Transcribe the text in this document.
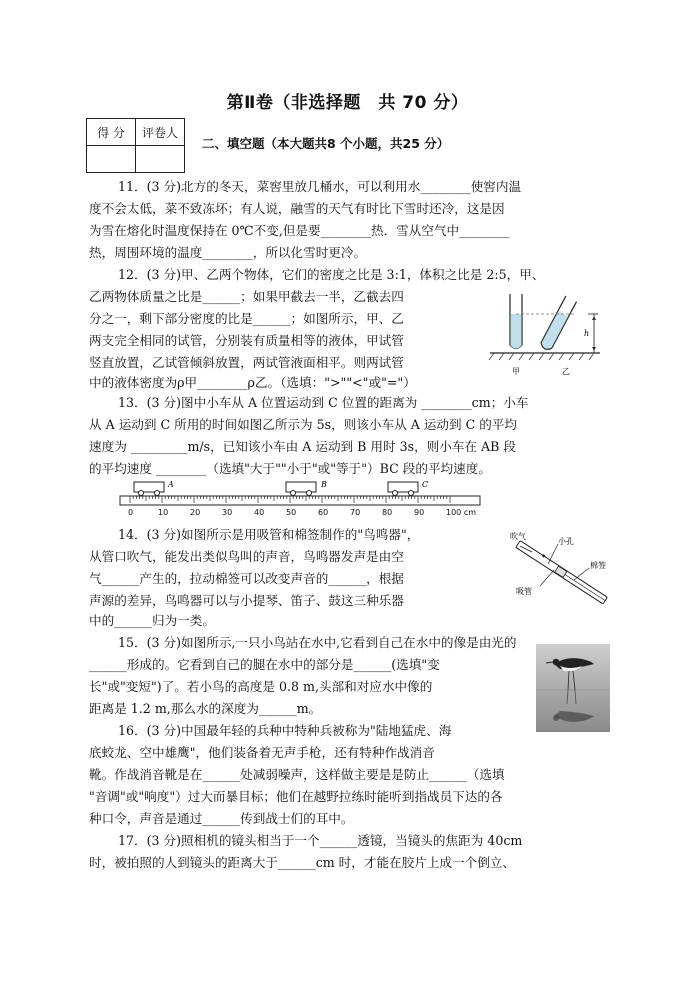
第Ⅱ卷（非选择题　共 70 分）
得 分	评卷人

二、填空题（本大题共8 个小题，共25 分）
11．(3 分)北方的冬天，菜窖里放几桶水，可以利用水________使窖内温
度不会太低，菜不致冻坏；有人说，融雪的天气有时比下雪时还冷，这是因
为雪在熔化时温度保持在 0℃不变,但是要________热．雪从空气中________
热，周围环境的温度________，所以化雪时更冷。
12．(3 分)甲、乙两个物体，它们的密度之比是 3:1，体积之比是 2:5，甲、
乙两物体质量之比是______；如果甲截去一半，乙截去四
分之一，剩下部分密度的比是______；如图所示，甲、乙
两支完全相同的试管，分别装有质量相等的液体，甲试管
竖直放置，乙试管倾斜放置，两试管液面相平。则两试管
中的液体密度为ρ甲________ρ乙。（选填：">""<"或"="）
h
甲	乙
13．(3 分)图中小车从 A 位置运动到 C 位置的距离为 ________cm；小车
从 A 运动到 C 所用的时间如图乙所示为 5s，则该小车从 A 运动到 C 的平均
速度为 _________m/s，已知该小车由 A 运动到 B 用时 3s，则小车在 AB 段
的平均速度 ________（选填"大于""小于"或"等于"）BC 段的平均速度。
A	B	C
0	10	20	30	40	50	60	70	80	90	100 cm
14．(3 分)如图所示是用吸管和棉签制作的"鸟鸣器"，
从管口吹气，能发出类似鸟叫的声音，鸟鸣器发声是由空
气______产生的，拉动棉签可以改变声音的______，根据
声源的差异，鸟鸣器可以与小提琴、笛子、鼓这三种乐器
中的______归为一类。
吹气
小孔
棉签
吸管
15．(3 分)如图所示,一只小鸟站在水中,它看到自己在水中的像是由光的
______形成的。它看到自己的腿在水中的部分是______(选填"变
长"或"变短")了。若小鸟的高度是 0.8 m,头部和对应水中像的
距离是 1.2 m,那么水的深度为______m。
16．(3 分)中国最年轻的兵种中特种兵被称为"陆地猛虎、海
底蛟龙、空中雄鹰"，他们装备着无声手枪，还有特种作战消音
靴。作战消音靴是在______处减弱噪声，这样做主要是是防止______（选填
"音调"或"响度"）过大而暴目标；他们在越野拉练时能听到指战员下达的各
种口令，声音是通过______传到战士们的耳中。
17．(3 分)照相机的镜头相当于一个______透镜，当镜头的焦距为 40cm
时，被拍照的人到镜头的距离大于______cm 时，才能在胶片上成一个倒立、
